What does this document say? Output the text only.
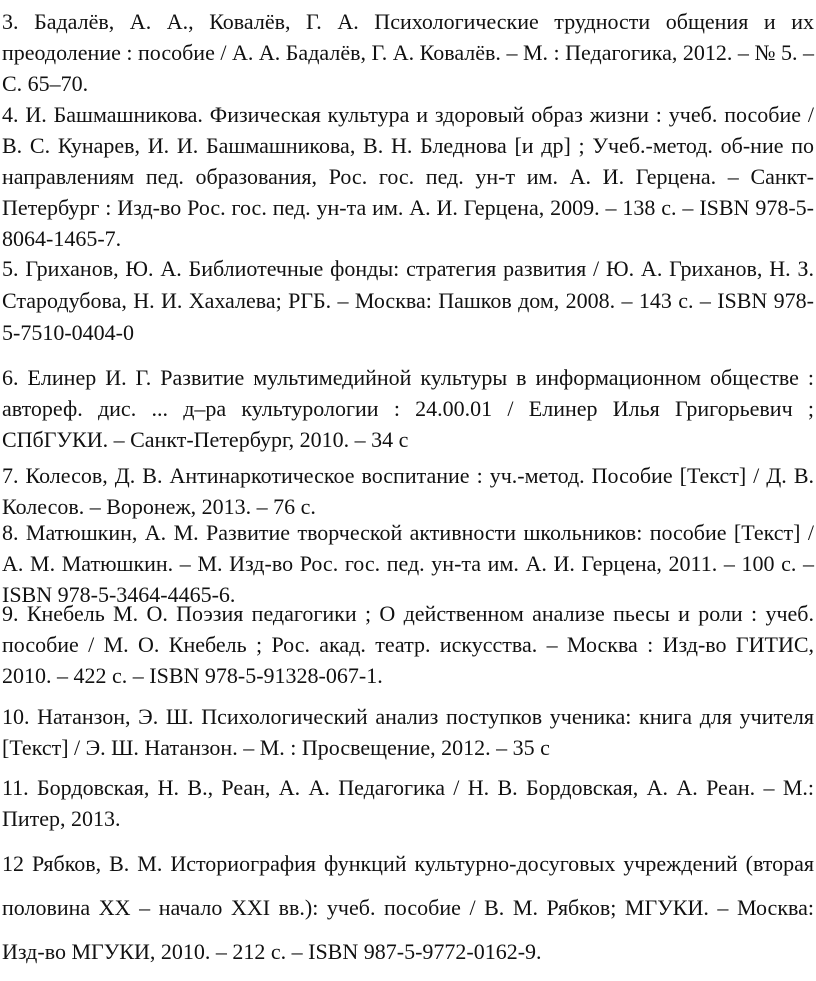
3. Бадалёв, А. А., Ковалёв, Г. А. Психологические трудности общения и их преодоление : пособие / А. А. Бадалёв, Г. А. Ковалёв. – М. : Педагогика, 2012. – № 5. – С. 65–70.

4. И. Башмашникова. Физическая культура и здоровый образ жизни : учеб. пособие / В. С. Кунарев, И. И. Башмашникова, В. Н. Бледнова [и др] ; Учеб.-метод. об-ние по направлениям пед. образования, Рос. гос. пед. ун-т им. А. И. Герцена. – Санкт-Петербург : Изд-во Рос. гос. пед. ун-та им. А. И. Герцена, 2009. – 138 с. – ISBN 978-5-8064-1465-7.

5. Гриханов, Ю. А. Библиотечные фонды: стратегия развития / Ю. А. Гриханов, Н. З. Стародубова, Н. И. Хахалева; РГБ. – Москва: Пашков дом, 2008. – 143 с. – ISBN 978-5-7510-0404-0

6. Елинер И. Г. Развитие мультимедийной культуры в информационном обществе : автореф. дис. ... д–ра культурологии : 24.00.01 / Елинер Илья Григорьевич ; СПбГУКИ. – Санкт-Петербург, 2010. – 34 с

7. Колесов, Д. В. Антинаркотическое воспитание : уч.-метод. Пособие [Текст] / Д. В. Колесов. – Воронеж, 2013. – 76 с.

8. Матюшкин, А. М. Развитие творческой активности школьников: пособие [Текст] / А. М. Матюшкин. – М. Изд-во Рос. гос. пед. ун-та им. А. И. Герцена, 2011. – 100 с. – ISBN 978-5-3464-4465-6.

9. Кнебель М. О. Поэзия педагогики ; О действенном анализе пьесы и роли : учеб. пособие / М. О. Кнебель ; Рос. акад. театр. искусства. – Москва : Изд-во ГИТИС, 2010. – 422 с. – ISBN 978-5-91328-067-1.

10. Натанзон, Э. Ш. Психологический анализ поступков ученика: книга для учителя [Текст] / Э. Ш. Натанзон. – М. : Просвещение, 2012. – 35 с

11. Бордовская, Н. В., Реан, А. А. Педагогика / Н. В. Бордовская, А. А. Реан. – М.: Питер, 2013.

12 Рябков, В. М. Историография функций культурно-досуговых учреждений (вторая половина XX – начало XXI вв.): учеб. пособие / В. М. Рябков; МГУКИ. – Москва: Изд-во МГУКИ, 2010. – 212 с. – ISBN 987-5-9772-0162-9.
